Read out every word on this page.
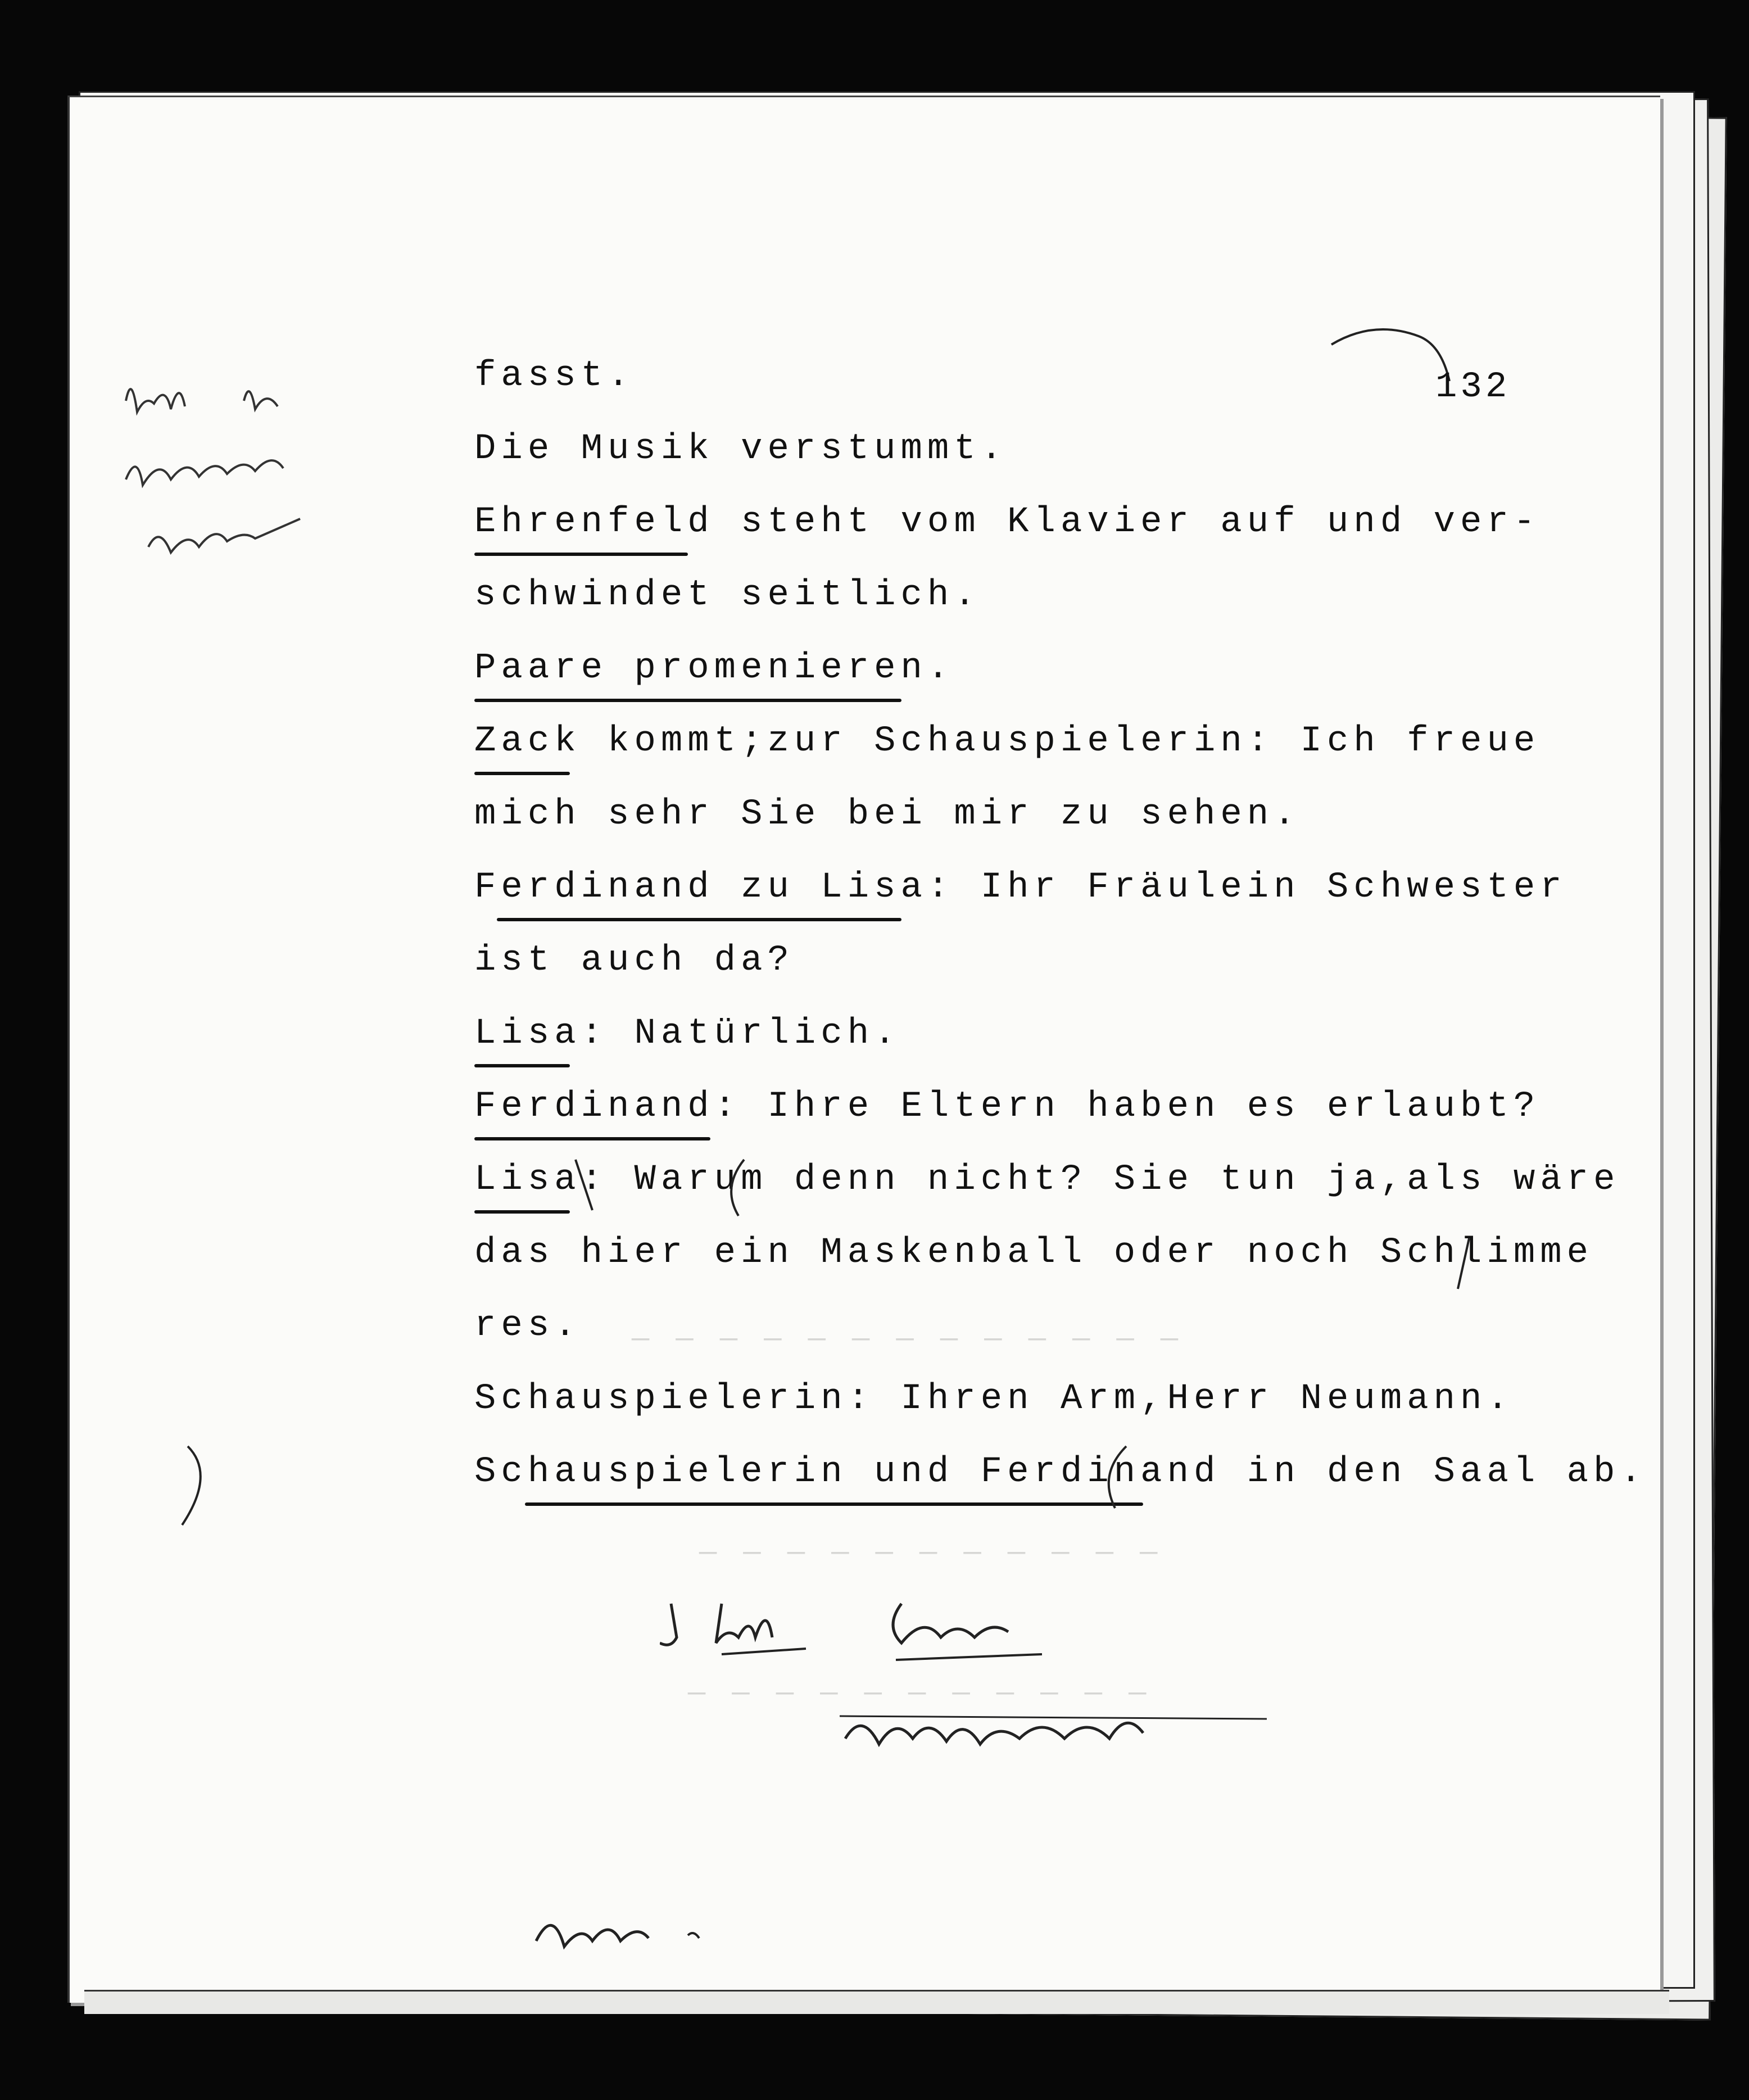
— — — — — — — — — — — — —
— — — — — — — — — — —
— — — — — — — — — — —
132
fasst.
Die Musik verstummt.
Ehrenfeld steht vom Klavier auf und ver-
schwindet seitlich.
Paare promenieren.
Zack kommt;zur Schauspielerin: Ich freue
mich sehr Sie bei mir zu sehen.
Ferdinand zu Lisa: Ihr Fräulein Schwester
ist auch da?
Lisa: Natürlich.
Ferdinand: Ihre Eltern haben es erlaubt?
Lisa: Warum denn nicht? Sie tun ja,als wäre
das hier ein Maskenball oder noch Schlimme
res.
Schauspielerin: Ihren Arm,Herr Neumann.
Schauspielerin und Ferdinand in den Saal ab.
